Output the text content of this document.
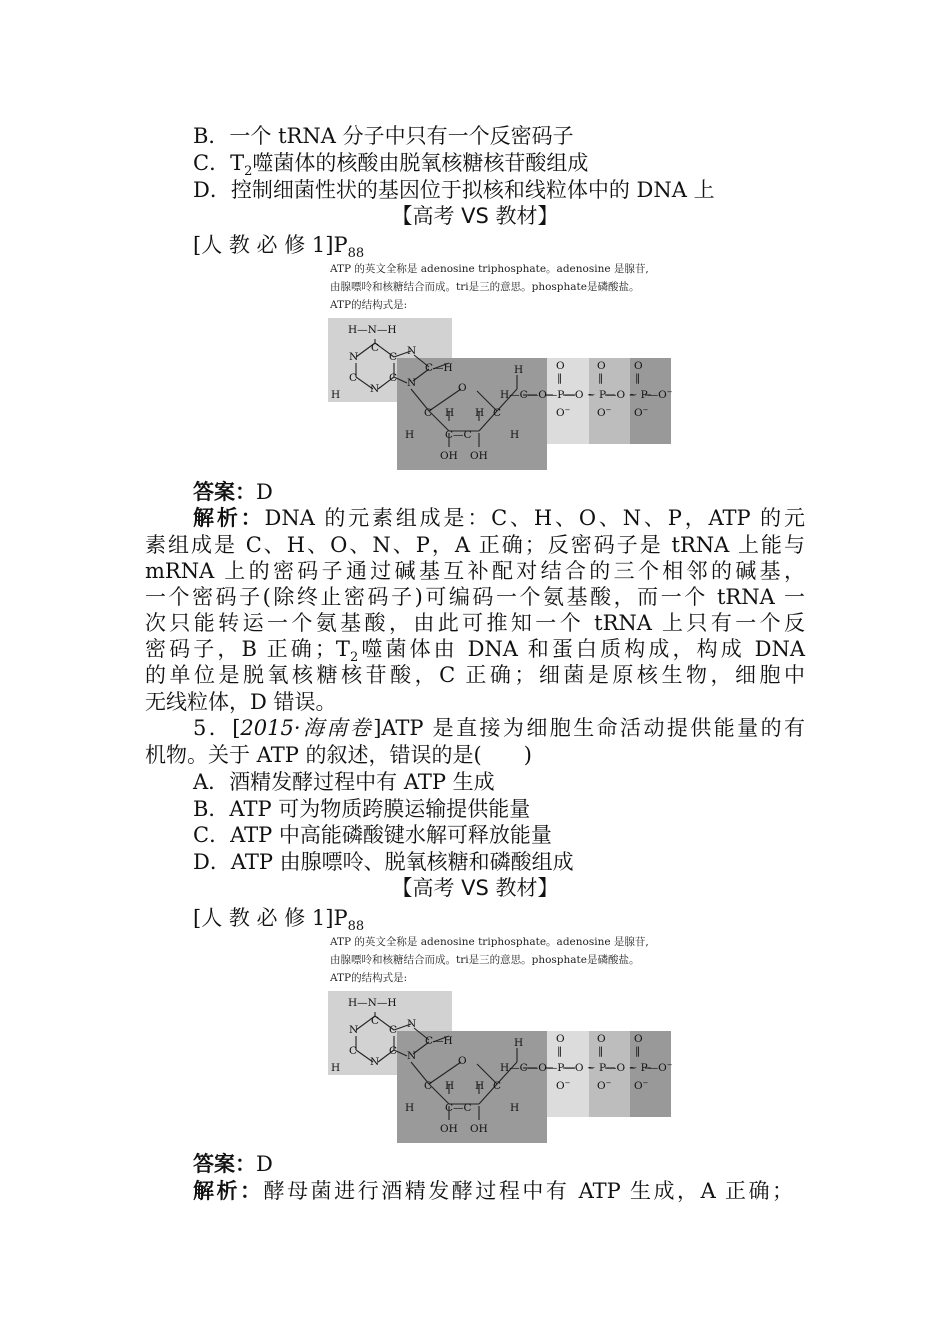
B．一个 tRNA 分子中只有一个反密码子
C．$T_2$噬菌体的核酸由脱氧核糖核苷酸组成
D．控制细菌性状的基因位于拟核和线粒体中的 DNA 上
【高考 VS 教材】
[人 教 必 修 $1]P_{88}$
ATP 的英文全称是 adenosine triphosphate。adenosine 是腺苷,
由腺嘌呤和核糖结合而成。tri是三的意思。phosphate是磷酸盐。
ATP的结构式是:
H—N—H
C
N	C N
C	C
C—H
N	N
H
O
H
H—C—O—P—O ~ P—O ~ P—O−
C H H C
H	C—C	H
OH OH
O
‖
O
‖
O
‖
O−	O− O−
答案：D
解析：DNA 的元素组成是：C、H、O、N、P，ATP 的元
素组成是 C、H、O、N、P，A 正确；反密码子是 tRNA 上能与
mRNA 上的密码子通过碱基互补配对结合的三个相邻的碱基，
一个密码子(除终止密码子)可编码一个氨基酸，而一个 tRNA 一
次只能转运一个氨基酸，由此可推知一个 tRNA 上只有一个反
密码子，B 正确；$T_2$噬菌体由 DNA 和蛋白质构成，构成 DNA
的单位是脱氧核糖核苷酸，C 正确；细菌是原核生物，细胞中
无线粒体，D 错误。
5．[2015·海南卷]ATP 是直接为细胞生命活动提供能量的有
机物。关于 ATP 的叙述，错误的是(　　)
A．酒精发酵过程中有 ATP 生成
B．ATP 可为物质跨膜运输提供能量
C．ATP 中高能磷酸键水解可释放能量
D．ATP 由腺嘌呤、脱氧核糖和磷酸组成
【高考 VS 教材】
[人 教 必 修 $1]P_{88}$
ATP 的英文全称是 adenosine triphosphate。adenosine 是腺苷,
由腺嘌呤和核糖结合而成。tri是三的意思。phosphate是磷酸盐。
ATP的结构式是:
H—N—H
C
N	C N
C	C
C—H
N	N
H
O
H
H—C—O—P—O ~ P—O ~ P—O−
C H H C
H	C—C	H
OH OH
O
‖
O
‖
O
‖
O−	O− O−
答案：D
解析：酵母菌进行酒精发酵过程中有 ATP 生成，A 正确；
